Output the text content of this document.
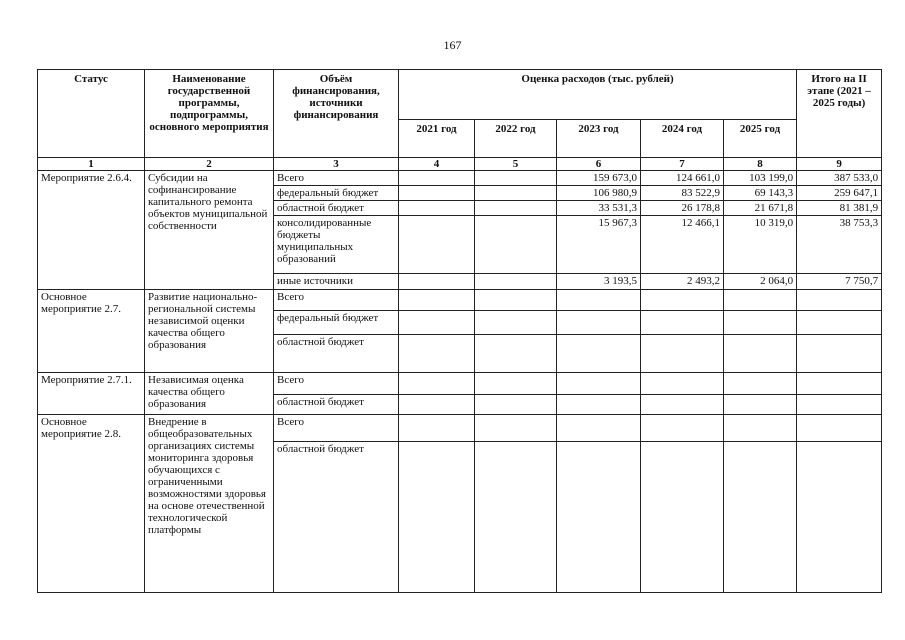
167
Статус	Наименование государственной программы, подпрограммы, основного мероприятия	Объём финансирования, источники финансирования	Оценка расходов (тыс. рублей)					Итого на II этапе (2021 – 2025 годы)
			2021 год	2022 год	2023 год	2024 год	2025 год	
1	2	3	4	5	6	7	8	9
Мероприятие 2.6.4.	Субсидии на софинансирование капитального ремонта объектов муниципальной собственности	Всего			159 673,0	124 661,0	103 199,0	387 533,0
		федеральный бюджет			106 980,9	83 522,9	69 143,3	259 647,1
		областной бюджет			33 531,3	26 178,8	21 671,8	81 381,9
		консолидированные бюджеты муниципальных образований			15 967,3	12 466,1	10 319,0	38 753,3
		иные источники			3 193,5	2 493,2	2 064,0	7 750,7
Основное мероприятие 2.7.	Развитие национально-региональной системы независимой оценки качества общего образования	Всего						
		федеральный бюджет						
		областной бюджет						
Мероприятие 2.7.1.	Независимая оценка качества общего образования	Всего						
		областной бюджет						
Основное мероприятие 2.8.	Внедрение в общеобразовательных организациях системы мониторинга здоровья обучающихся с ограниченными возможностями здоровья на основе отечественной технологической платформы	Всего						
		областной бюджет						
